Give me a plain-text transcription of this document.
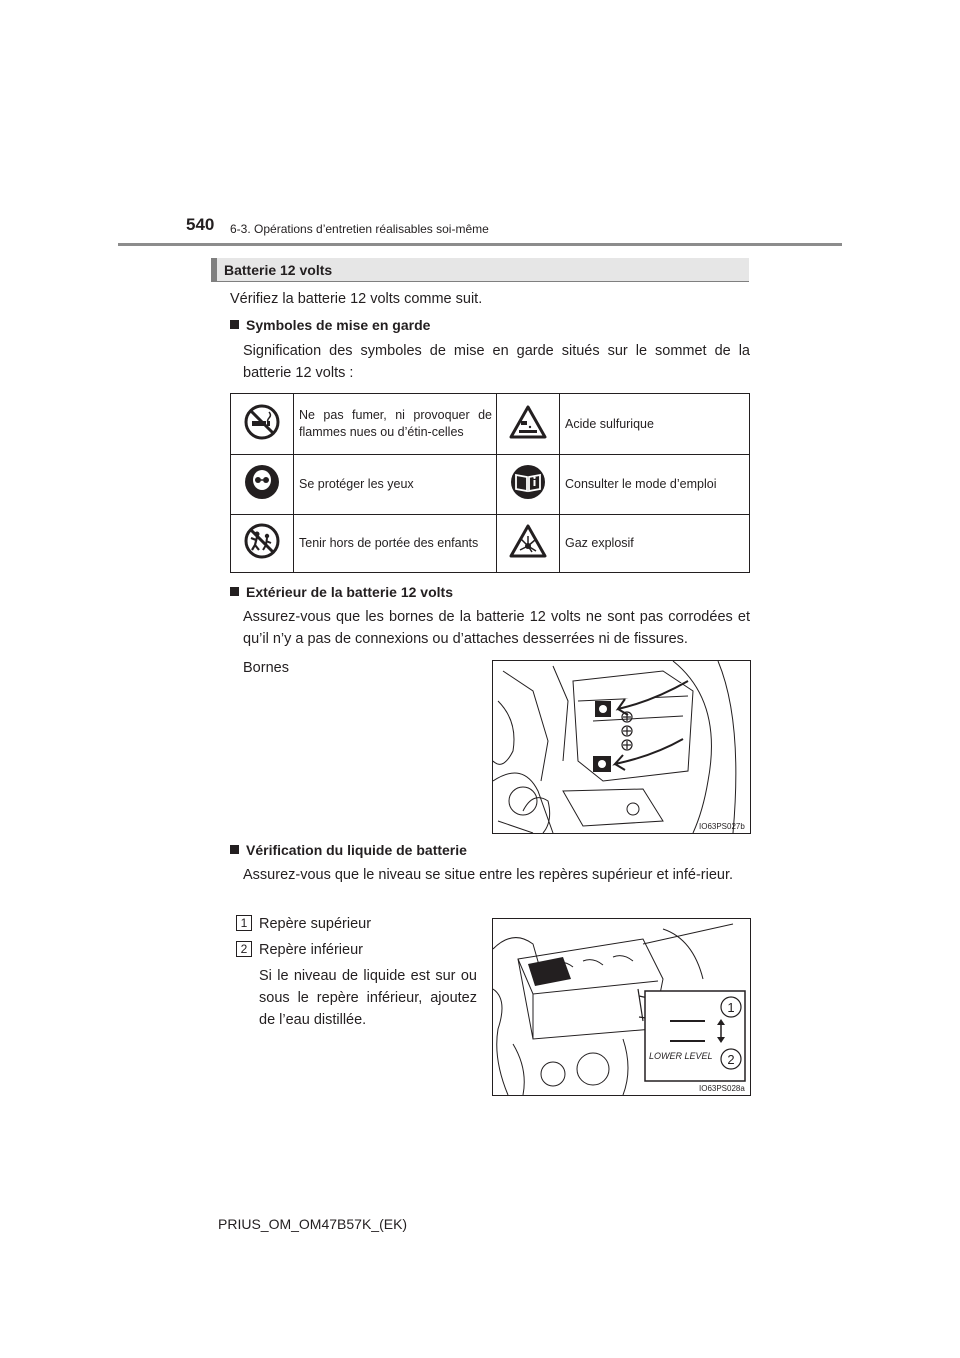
540 6-3. Opérations d’entretien réalisables soi-même
Batterie 12 volts
Vérifiez la batterie 12 volts comme suit.
Symboles de mise en garde
Signification des symboles de mise en garde situés sur le sommet de la batterie 12 volts :
	Ne pas fumer, ni provoquer de flammes nues ou d’étin-celles		Acide sulfurique
	Se protéger les yeux		Consulter le mode d’emploi
	Tenir hors de portée des enfants		Gaz explosif
Extérieur de la batterie 12 volts
Assurez-vous que les bornes de la batterie 12 volts ne sont pas corrodées et qu’il n’y a pas de connexions ou d’attaches desserrées ni de fissures.
Bornes
IO63PS027b
Vérification du liquide de batterie
Assurez-vous que le niveau se situe entre les repères supérieur et infé-rieur.
1 Repère supérieur
2 Repère inférieur
Si le niveau de liquide est sur ou sous le repère inférieur, ajoutez de l’eau distillée.
LOWER LEVEL
1
2
IO63PS028a
PRIUS_OM_OM47B57K_(EK)
